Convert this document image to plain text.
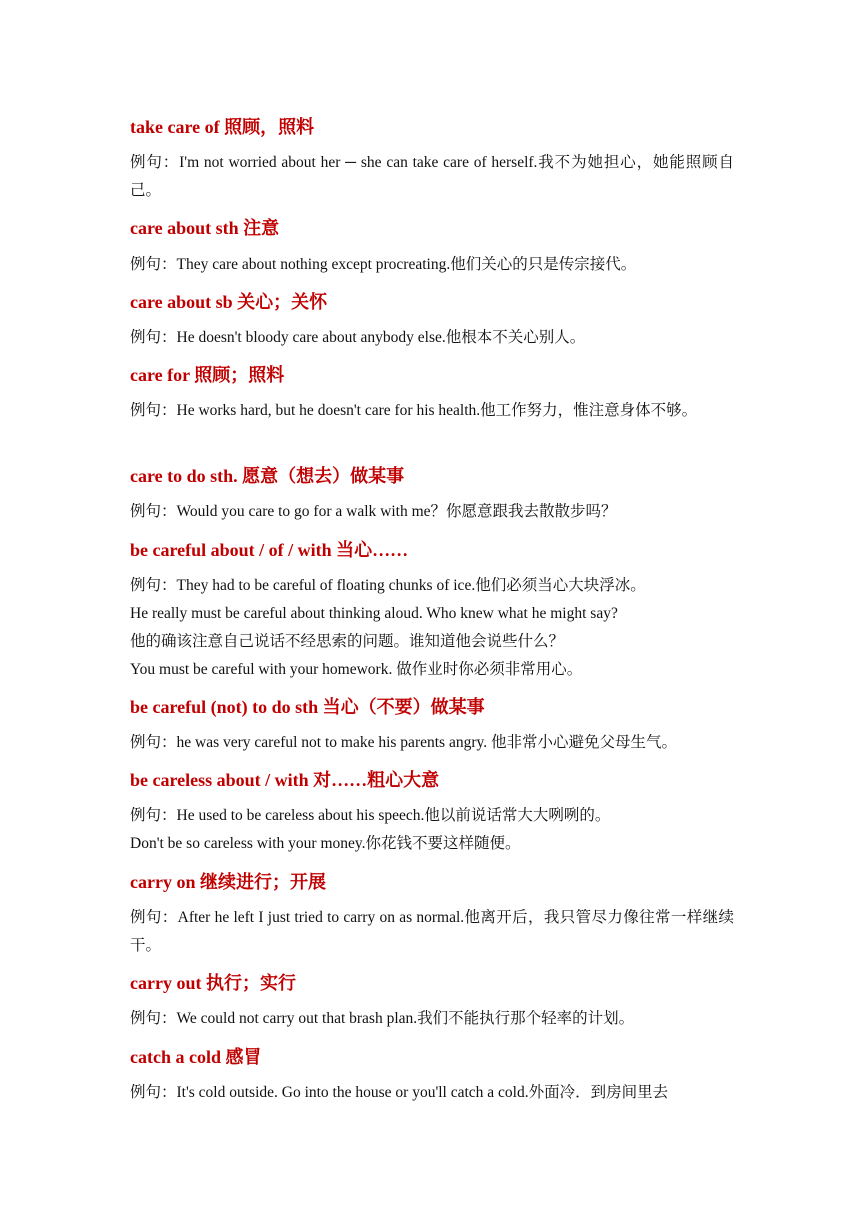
take care of 照顾，照料
例句：I'm not worried about her ─ she can take care of herself.我不为她担心，她能照顾自己。
care about sth 注意
例句：They care about nothing except procreating.他们关心的只是传宗接代。
care about sb 关心；关怀
例句：He doesn't bloody care about anybody else.他根本不关心别人。
care for 照顾；照料
例句：He works hard, but he doesn't care for his health.他工作努力，惟注意身体不够。
care to do sth. 愿意（想去）做某事
例句：Would you care to go for a walk with me？你愿意跟我去散散步吗？
be careful about / of / with 当心……
例句：They had to be careful of floating chunks of ice.他们必须当心大块浮冰。
He really must be careful about thinking aloud. Who knew what he might say?
他的确该注意自己说话不经思索的问题。谁知道他会说些什么？
You must be careful with your homework. 做作业时你必须非常用心。
be careful (not) to do sth 当心（不要）做某事
例句：he was very careful not to make his parents angry. 他非常小心避免父母生气。
be careless about / with 对……粗心大意
例句：He used to be careless about his speech.他以前说话常大大咧咧的。
Don't be so careless with your money.你花钱不要这样随便。
carry on 继续进行；开展
例句：After he left I just tried to carry on as normal.他离开后，我只管尽力像往常一样继续干。
carry out 执行；实行
例句：We could not carry out that brash plan.我们不能执行那个轻率的计划。
catch a cold 感冒
例句：It's cold outside. Go into the house or you'll catch a cold.外面冷．到房间里去
